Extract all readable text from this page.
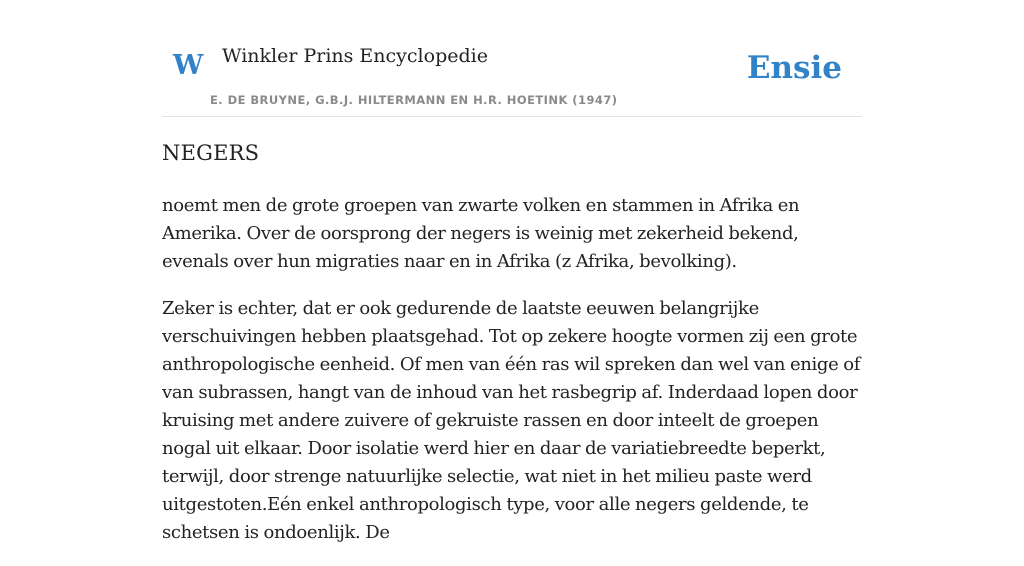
W Winkler Prins Encyclopedie
E. DE BRUYNE, G.B.J. HILTERMANN EN H.R. HOETINK (1947)
Ensie
NEGERS

noemt men de grote groepen van zwarte volken en stammen in Afrika en Amerika. Over de oorsprong der negers is weinig met zekerheid bekend, evenals over hun migraties naar en in Afrika (z Afrika, bevolking).

Zeker is echter, dat er ook gedurende de laatste eeuwen belangrijke verschuivingen hebben plaatsgehad. Tot op zekere hoogte vormen zij een grote anthropologische eenheid. Of men van één ras wil spreken dan wel van enige of van subrassen, hangt van de inhoud van het rasbegrip af. Inderdaad lopen door kruising met andere zuivere of gekruiste rassen en door inteelt de groepen nogal uit elkaar. Door isolatie werd hier en daar de variatiebreedte beperkt, terwijl, door strenge natuurlijke selectie, wat niet in het milieu paste werd uitgestoten.Eén enkel anthropologisch type, voor alle negers geldende, te schetsen is ondoenlijk. De
